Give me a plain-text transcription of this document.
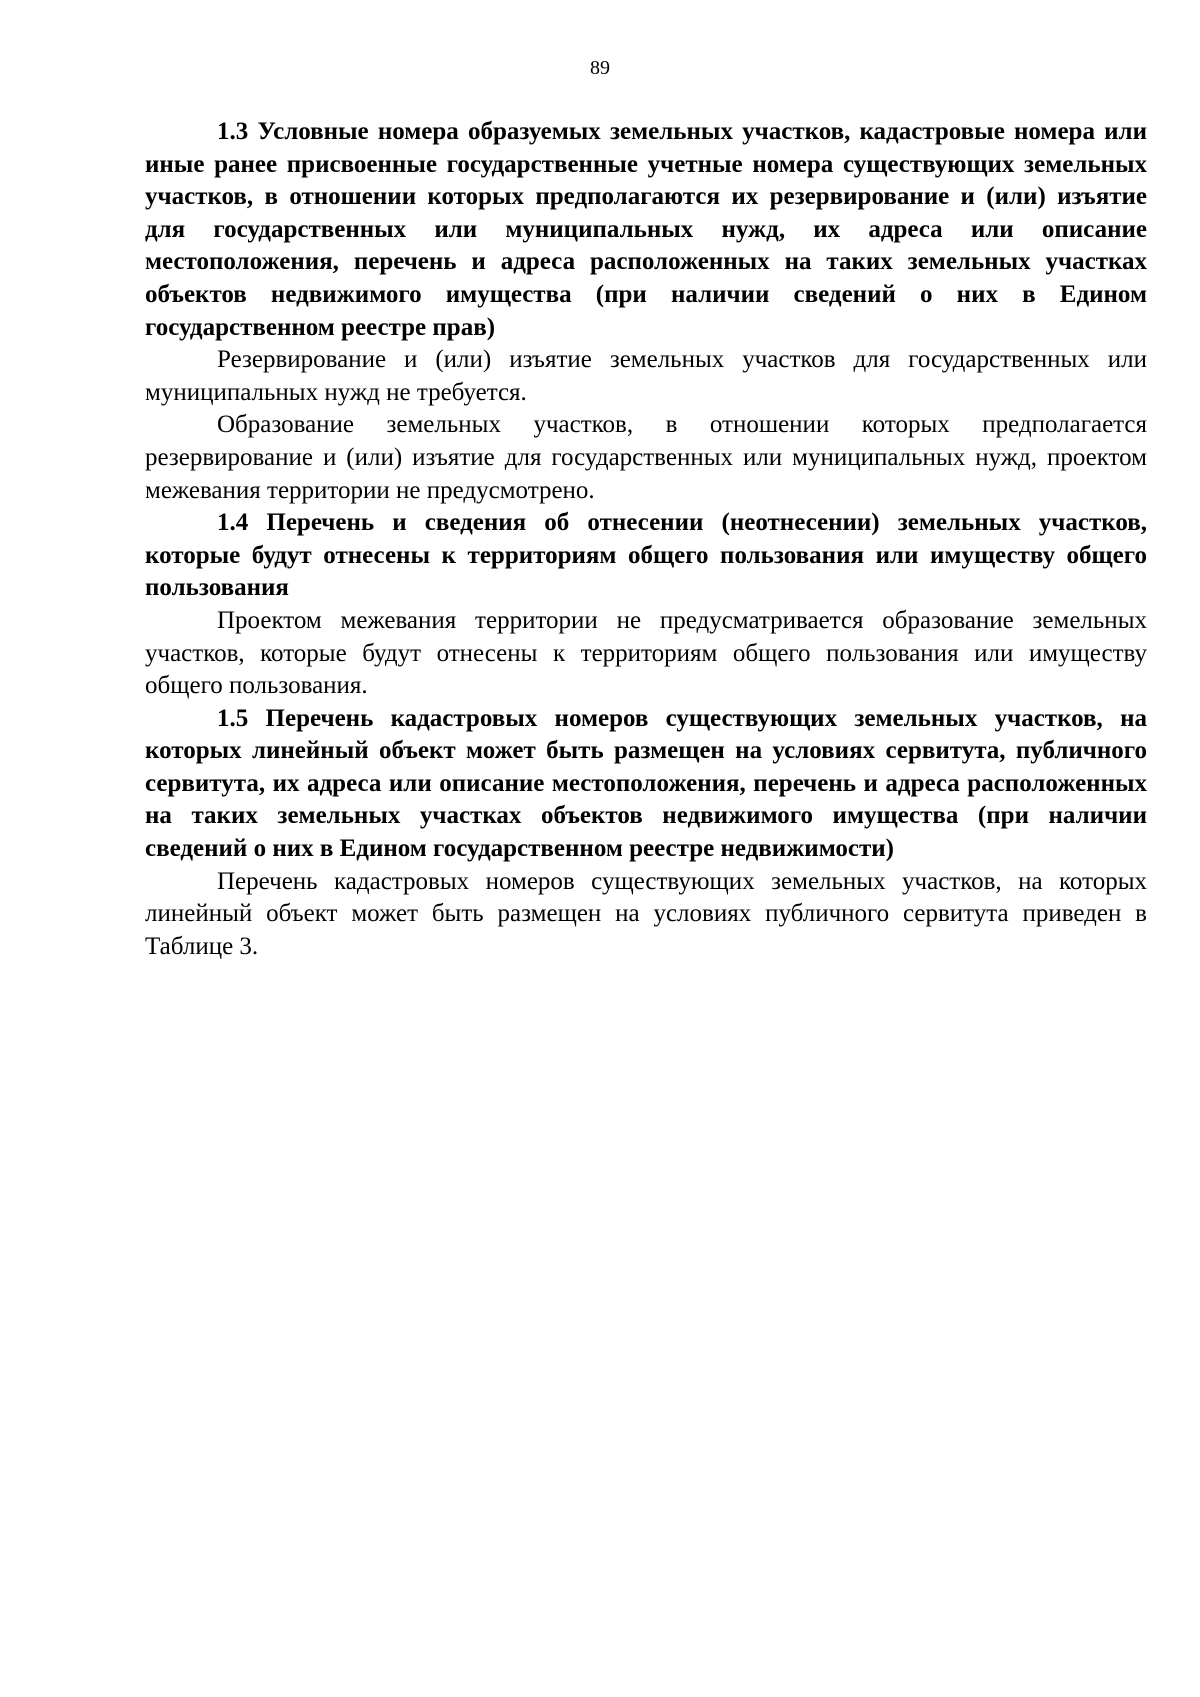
89

1.3 Условные номера образуемых земельных участков, кадастровые номера или иные ранее присвоенные государственные учетные номера существующих земельных участков, в отношении которых предполагаются их резервирование и (или) изъятие для государственных или муниципальных нужд, их адреса или описание местоположения, перечень и адреса расположенных на таких земельных участках объектов недвижимого имущества (при наличии сведений о них в Едином государственном реестре прав)

Резервирование и (или) изъятие земельных участков для государственных или муниципальных нужд не требуется.

Образование земельных участков, в отношении которых предполагается резервирование и (или) изъятие для государственных или муниципальных нужд, проектом межевания территории не предусмотрено.

1.4 Перечень и сведения об отнесении (неотнесении) земельных участков, которые будут отнесены к территориям общего пользования или имуществу общего пользования

Проектом межевания территории не предусматривается образование земельных участков, которые будут отнесены к территориям общего пользования или имуществу общего пользования.

1.5 Перечень кадастровых номеров существующих земельных участков, на которых линейный объект может быть размещен на условиях сервитута, публичного сервитута, их адреса или описание местоположения, перечень и адреса расположенных на таких земельных участках объектов недвижимого имущества (при наличии сведений о них в Едином государственном реестре недвижимости)

Перечень кадастровых номеров существующих земельных участков, на которых линейный объект может быть размещен на условиях публичного сервитута приведен в Таблице 3.
